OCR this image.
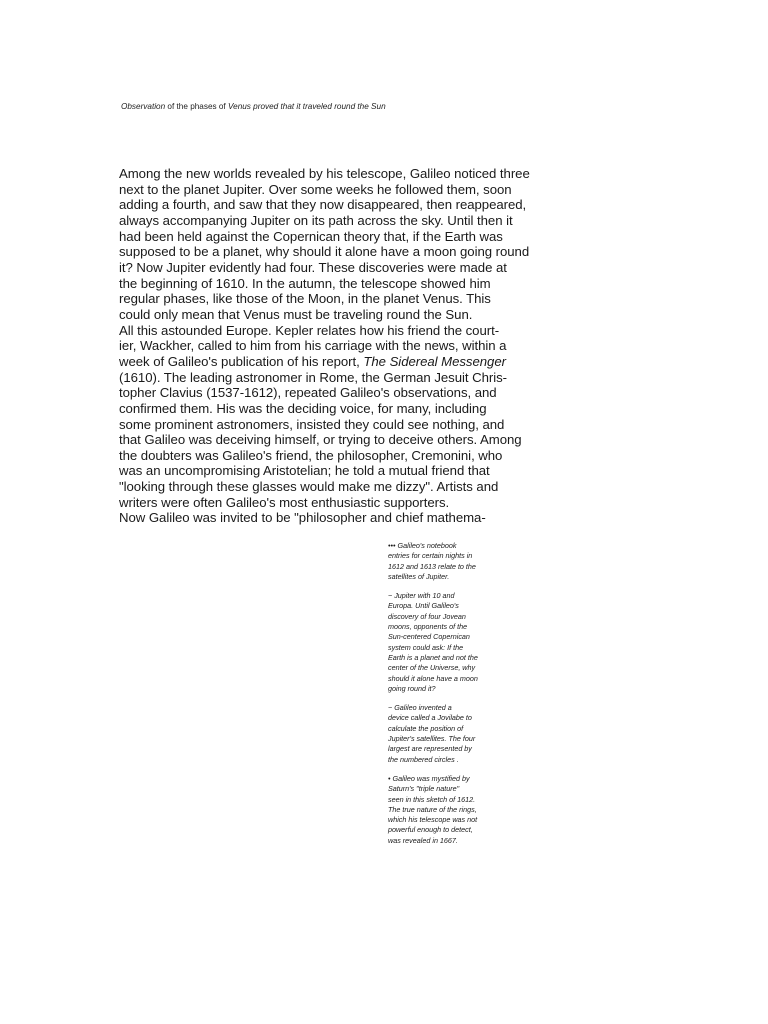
Observation of the phases of Venus proved that it traveled round the Sun
Among the new worlds revealed by his telescope, Galileo noticed three
next to the planet Jupiter. Over some weeks he followed them, soon
adding a fourth, and saw that they now disappeared, then reappeared,
always accompanying Jupiter on its path across the sky. Until then it
had been held against the Copernican theory that, if the Earth was
supposed to be a planet, why should it alone have a moon going round
it? Now Jupiter evidently had four. These discoveries were made at
the beginning of 1610. In the autumn, the telescope showed him
regular phases, like those of the Moon, in the planet Venus. This
could only mean that Venus must be traveling round the Sun.
All this astounded Europe. Kepler relates how his friend the court-
ier, Wackher, called to him from his carriage with the news, within a
week of Galileo's publication of his report, The Sidereal Messenger
(1610). The leading astronomer in Rome, the German Jesuit Chris-
topher Clavius (1537-1612), repeated Galileo's observations, and
confirmed them. His was the deciding voice, for many, including
some prominent astronomers, insisted they could see nothing, and
that Galileo was deceiving himself, or trying to deceive others. Among
the doubters was Galileo's friend, the philosopher, Cremonini, who
was an uncompromising Aristotelian; he told a mutual friend that
"looking through these glasses would make me dizzy". Artists and
writers were often Galileo's most enthusiastic supporters.
Now Galileo was invited to be "philosopher and chief mathema-
••• Galileo's notebook
entries for certain nights in
1612 and 1613 relate to the
satellites of Jupiter.
~ Jupiter with 10 and
Europa. Until Galileo's
discovery of four Jovean
moons, opponents of the
Sun-centered Copernican
system could ask: If the
Earth is a planet and not the
center of the Universe, why
should it alone have a moon
going round it?
~ Galileo invented a
device called a Jovilabe to
calculate the position of
Jupiter's satellites. The four
largest are represented by
the numbered circles .
• Galileo was mystified by
Saturn's "triple nature"
seen in this sketch of 1612.
The true nature of the rings,
which his telescope was not
powerful enough to detect,
was revealed in 1667.
